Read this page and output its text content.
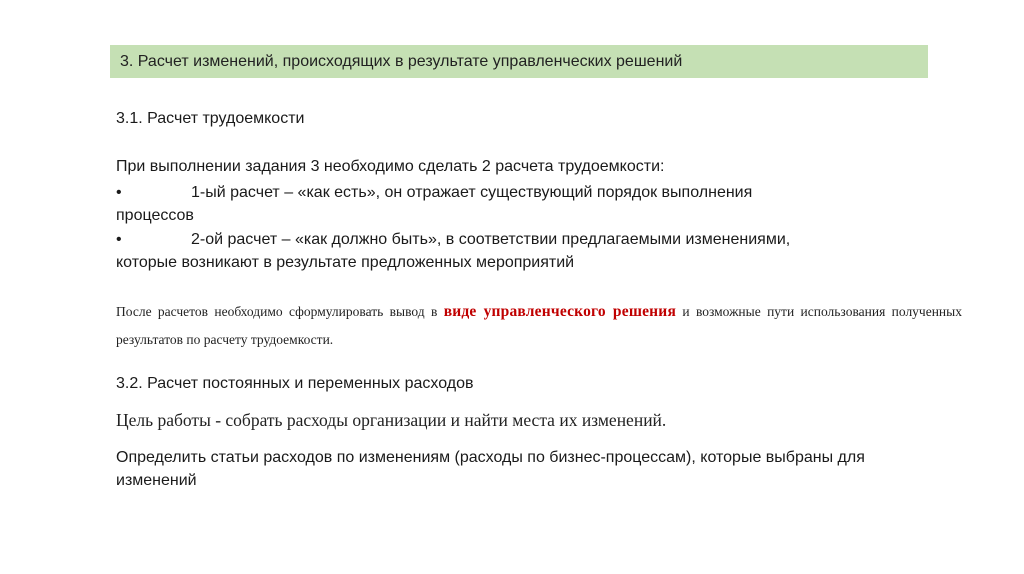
3. Расчет изменений, происходящих в результате управленческих решений
3.1. Расчет трудоемкости
При выполнении задания 3 необходимо сделать 2 расчета трудоемкости:
•	1-ый расчет – «как есть», он отражает существующий порядок выполнения
процессов
•	2-ой расчет – «как должно быть», в соответствии предлагаемыми изменениями,
которые возникают в результате предложенных мероприятий
После расчетов необходимо сформулировать вывод в виде управленческого решения и возможные пути использования полученных результатов по расчету трудоемкости.
3.2. Расчет постоянных и переменных расходов
Цель работы - собрать расходы организации и найти места их изменений.
Определить статьи расходов по изменениям (расходы по бизнес-процессам), которые выбраны для изменений
